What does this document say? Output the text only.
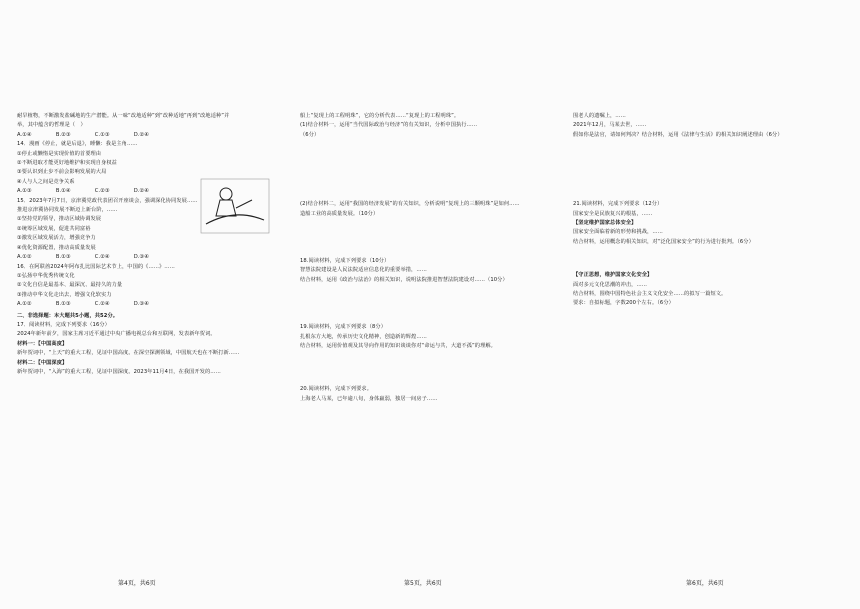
耐旱植物，不断激发盐碱地的生产潜能。从一味“改地适种”到“改种适地”再到“改地适种”并
举，其中蕴含的哲理是（　）
A.①④	B.②③	C.①③	D.②④
14．漫画《停止，就是后退》，睡懒：我是主角……
①停止或懒惰是实现价值的首要理由
②不断进取才能更好地维护和实现自身权益
③要认识到止步不前会影响发展的大局
④人与人之间是竞争关系
A.①③	B.①④	C.②③	D.②④
15．2023年7月7日，京津冀党政代表团召开座谈会，强调深化协同发展……
推进京津冀协同发展不断迈上新台阶，……
①坚持党的领导，推动区域协调发展
②统筹区域发展，促进共同富裕
③激发区域发展活力，增强竞争力
④优化资源配置，推动高质量发展
A.①②	B.①③	C.②④	D.③④
16．在阿联酋2024年阿布扎比国际艺术节上，中国的《……》……
①弘扬中华优秀传统文化
②文化自信是最基本、最深沉、最持久的力量
③推动中华文化走出去，增强文化软实力
A.①②	B.①③	C.②④	D.③④
二、非选择题：本大题共5小题，共52分。
17．阅读材料，完成下列要求（16分）
2024年新年前夕，国家主席习近平通过中央广播电视总台和互联网，发表新年贺词。
材料一：【中国高度】
新年贺词中，“上天”的重大工程，见证中国高度。在深空探测领域，中国航天也在不断打新……
材料二：【中国深度】
新年贺词中，“入海”的重大工程，见证中国深度。2023年11月4日，在我国开发的……
船上“复现上的工程明珠”，它的分析代表……“复现上的工程明珠”。
(1)结合材料一，运用“当代国际政治与经济”的有关知识，分析中国执行……
（6分）
(2)结合材料二，运用“我国的经济发展”的有关知识，分析说明“复现上的三颗明珠”是如何……
造船工业的高质量发展。（10分）
18.阅读材料，完成下列要求（10分）
智慧法院建设是人民法院适应信息化的重要举措，……
结合材料，运用《政治与法治》的相关知识，说明法院推进智慧法院建设对……（10分）
19.阅读材料，完成下列要求（8分）
扎根东方大地，传承历史文化精神，创造新的辉煌……
结合材料，运用价值观及其导向作用的知识谈谈你对“命运与共，大道不孤”的理解。
20.阅读材料，完成下列要求。
上海老人马某，已年逾八旬，身体羸弱，独居一间房子……
围老人的遗嘱上，……
2021年12月，马某去世，……
假如你是法官，请如何判决？结合材料，运用《法律与生活》的相关知识阐述理由（6分）
21.阅读材料，完成下列要求（12分）
国家安全是民族复兴的根基，……
【坚定维护国家总体安全】
国家安全面临着新的形势和挑战，……
结合材料，运用概念的相关知识，对“泛化国家安全”的行为进行批判。（6分）
【守正思想，维护国家文化安全】
面对多元文化思潮的冲击，……
结合材料，围绕中国特色社会主义文化安全……的拟写一篇短文。
要求：自拟标题，字数200个左右。（6分）
第4页，共6页	第5页，共6页	第6页，共6页
